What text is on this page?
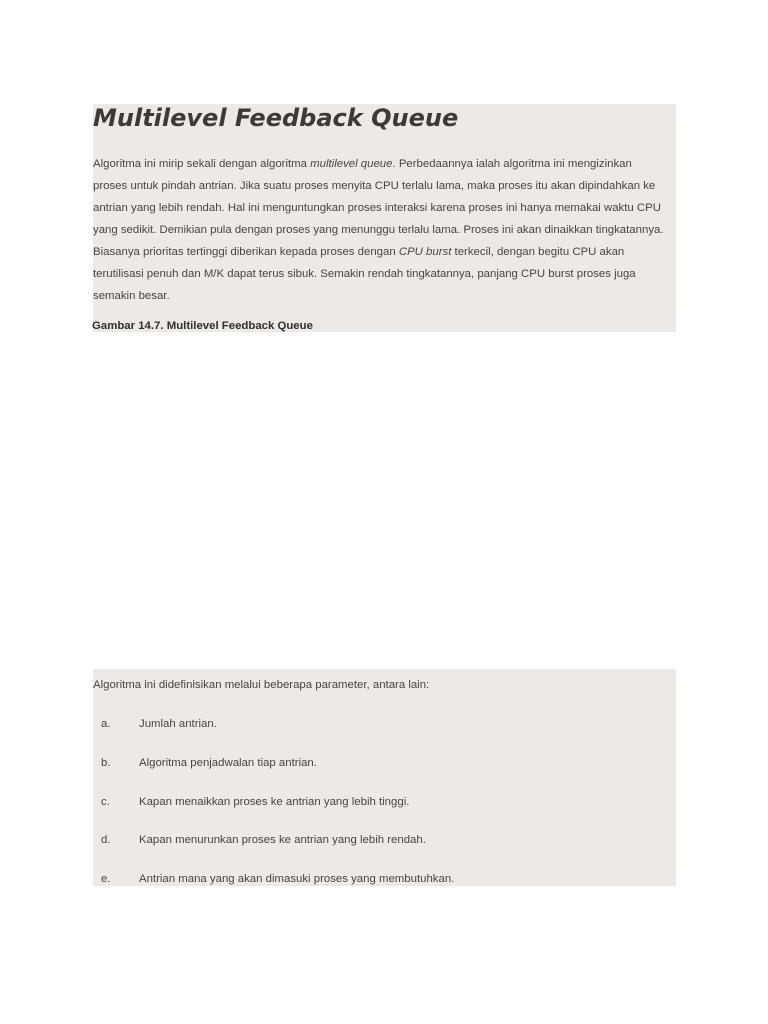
Multilevel Feedback Queue

Algoritma ini mirip sekali dengan algoritma multilevel queue. Perbedaannya ialah algoritma ini mengizinkan
proses untuk pindah antrian. Jika suatu proses menyita CPU terlalu lama, maka proses itu akan dipindahkan ke
antrian yang lebih rendah. Hal ini menguntungkan proses interaksi karena proses ini hanya memakai waktu CPU
yang sedikit. Demikian pula dengan proses yang menunggu terlalu lama. Proses ini akan dinaikkan tingkatannya.
Biasanya prioritas tertinggi diberikan kepada proses dengan CPU burst terkecil, dengan begitu CPU akan
terutilisasi penuh dan M/K dapat terus sibuk. Semakin rendah tingkatannya, panjang CPU burst proses juga
semakin besar.

Gambar 14.7. Multilevel Feedback Queue

Algoritma ini didefinisikan melalui beberapa parameter, antara lain:

a.	Jumlah antrian.
b.	Algoritma penjadwalan tiap antrian.
c.	Kapan menaikkan proses ke antrian yang lebih tinggi.
d.	Kapan menurunkan proses ke antrian yang lebih rendah.
e.	Antrian mana yang akan dimasuki proses yang membutuhkan.
